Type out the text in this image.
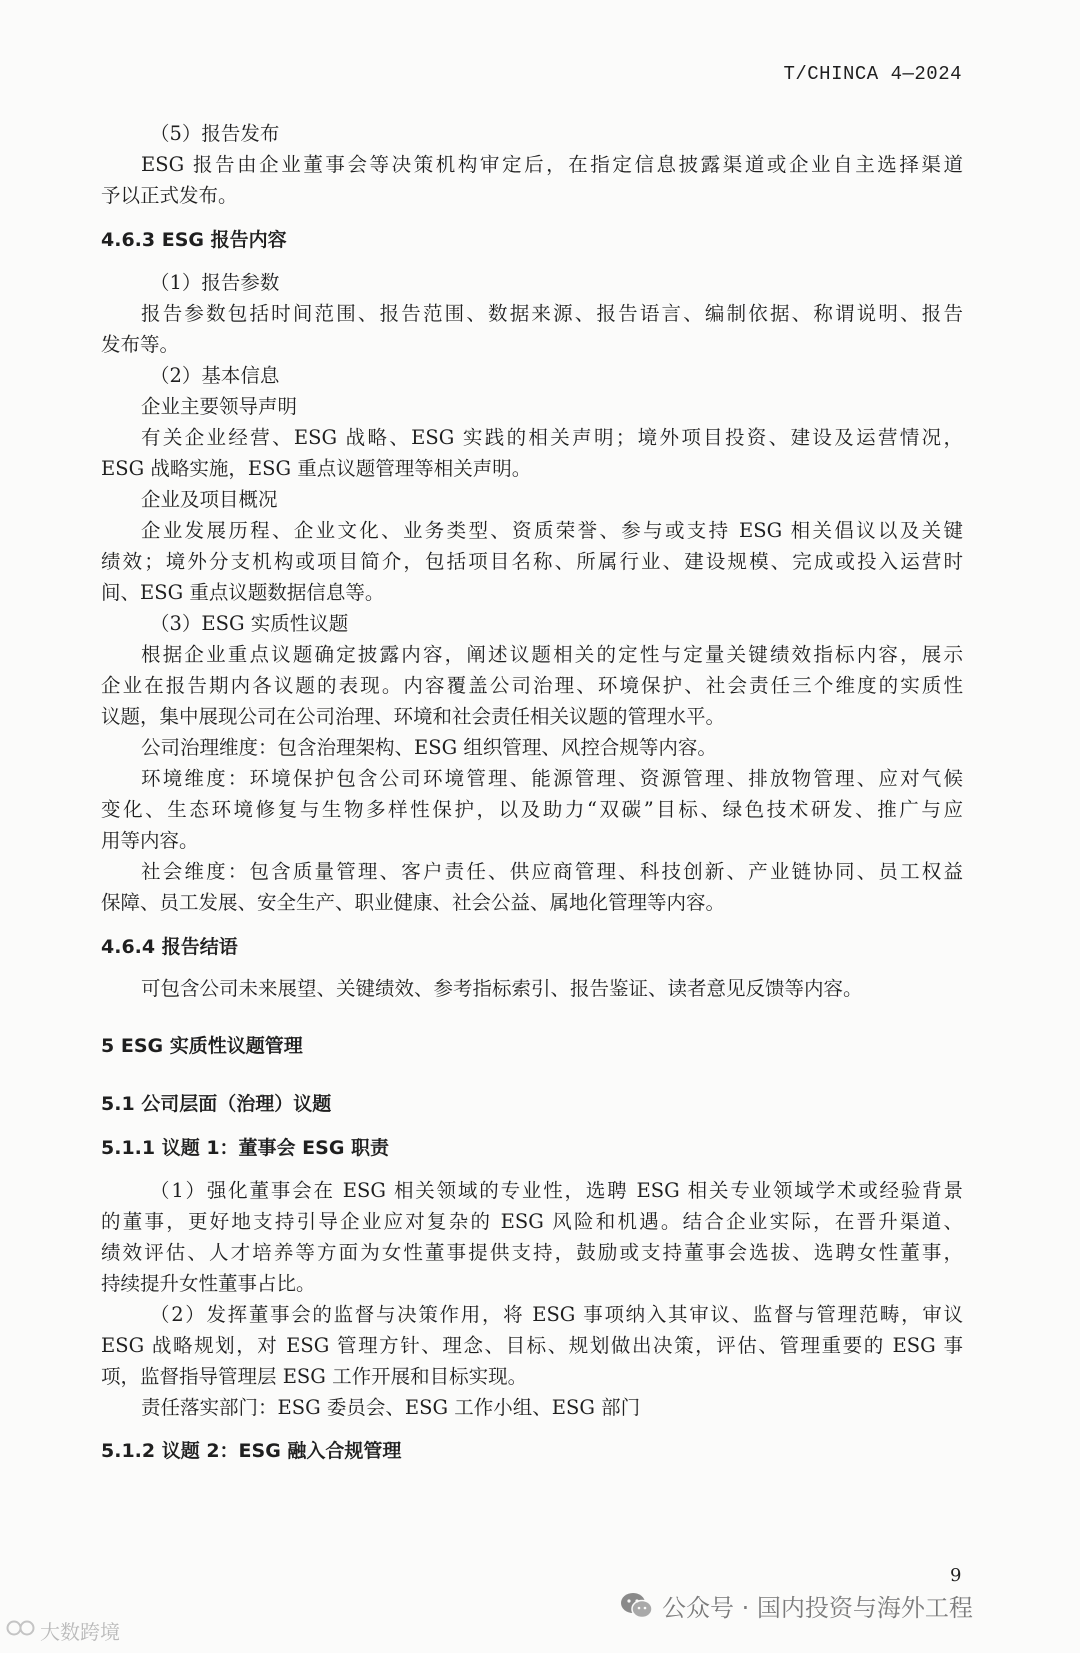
T/CHINCA 4—2024
（5）报告发布
ESG 报告由企业董事会等决策机构审定后，在指定信息披露渠道或企业自主选择渠道
予以正式发布。
4.6.3 ESG 报告内容
（1）报告参数
报告参数包括时间范围、报告范围、数据来源、报告语言、编制依据、称谓说明、报告
发布等。
（2）基本信息
企业主要领导声明
有关企业经营、ESG 战略、ESG 实践的相关声明；境外项目投资、建设及运营情况，
ESG 战略实施，ESG 重点议题管理等相关声明。
企业及项目概况
企业发展历程、企业文化、业务类型、资质荣誉、参与或支持 ESG 相关倡议以及关键
绩效；境外分支机构或项目简介，包括项目名称、所属行业、建设规模、完成或投入运营时
间、ESG 重点议题数据信息等。
（3）ESG 实质性议题
根据企业重点议题确定披露内容，阐述议题相关的定性与定量关键绩效指标内容，展示
企业在报告期内各议题的表现。内容覆盖公司治理、环境保护、社会责任三个维度的实质性
议题，集中展现公司在公司治理、环境和社会责任相关议题的管理水平。
公司治理维度：包含治理架构、ESG 组织管理、风控合规等内容。
环境维度：环境保护包含公司环境管理、能源管理、资源管理、排放物管理、应对气候
变化、生态环境修复与生物多样性保护，以及助力“双碳”目标、绿色技术研发、推广与应
用等内容。
社会维度：包含质量管理、客户责任、供应商管理、科技创新、产业链协同、员工权益
保障、员工发展、安全生产、职业健康、社会公益、属地化管理等内容。
4.6.4 报告结语
可包含公司未来展望、关键绩效、参考指标索引、报告鉴证、读者意见反馈等内容。
5 ESG 实质性议题管理
5.1 公司层面（治理）议题
5.1.1 议题 1：董事会 ESG 职责
（1）强化董事会在 ESG 相关领域的专业性，选聘 ESG 相关专业领域学术或经验背景
的董事，更好地支持引导企业应对复杂的 ESG 风险和机遇。结合企业实际，在晋升渠道、
绩效评估、人才培养等方面为女性董事提供支持，鼓励或支持董事会选拔、选聘女性董事，
持续提升女性董事占比。
（2）发挥董事会的监督与决策作用，将 ESG 事项纳入其审议、监督与管理范畴，审议
ESG 战略规划，对 ESG 管理方针、理念、目标、规划做出决策，评估、管理重要的 ESG 事
项，监督指导管理层 ESG 工作开展和目标实现。
责任落实部门：ESG 委员会、ESG 工作小组、ESG 部门
5.1.2 议题 2：ESG 融入合规管理
9
公众号 · 国内投资与海外工程
大数跨境
